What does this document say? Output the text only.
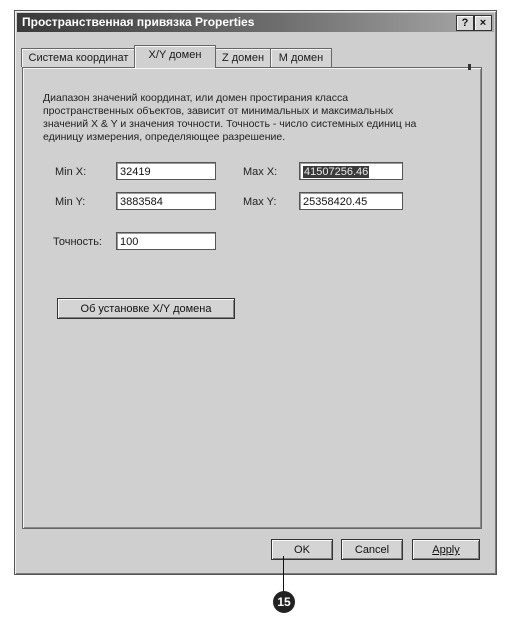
Пространственная привязка Properties	?	×
Система координат	X/Y домен	Z домен	M домен
Диапазон значений координат, или домен простирания класса пространственных объектов, зависит от минимальных и максимальных значений X & Y и значения точности. Точность - число системных единиц на единицу измерения, определяющее разрешение.
Min X:	32419	Max X:	41507256.46
Min Y:	3883584	Max Y:	25358420.45
Точность:	100
Об установке X/Y домена
OK	Cancel	Apply
15
